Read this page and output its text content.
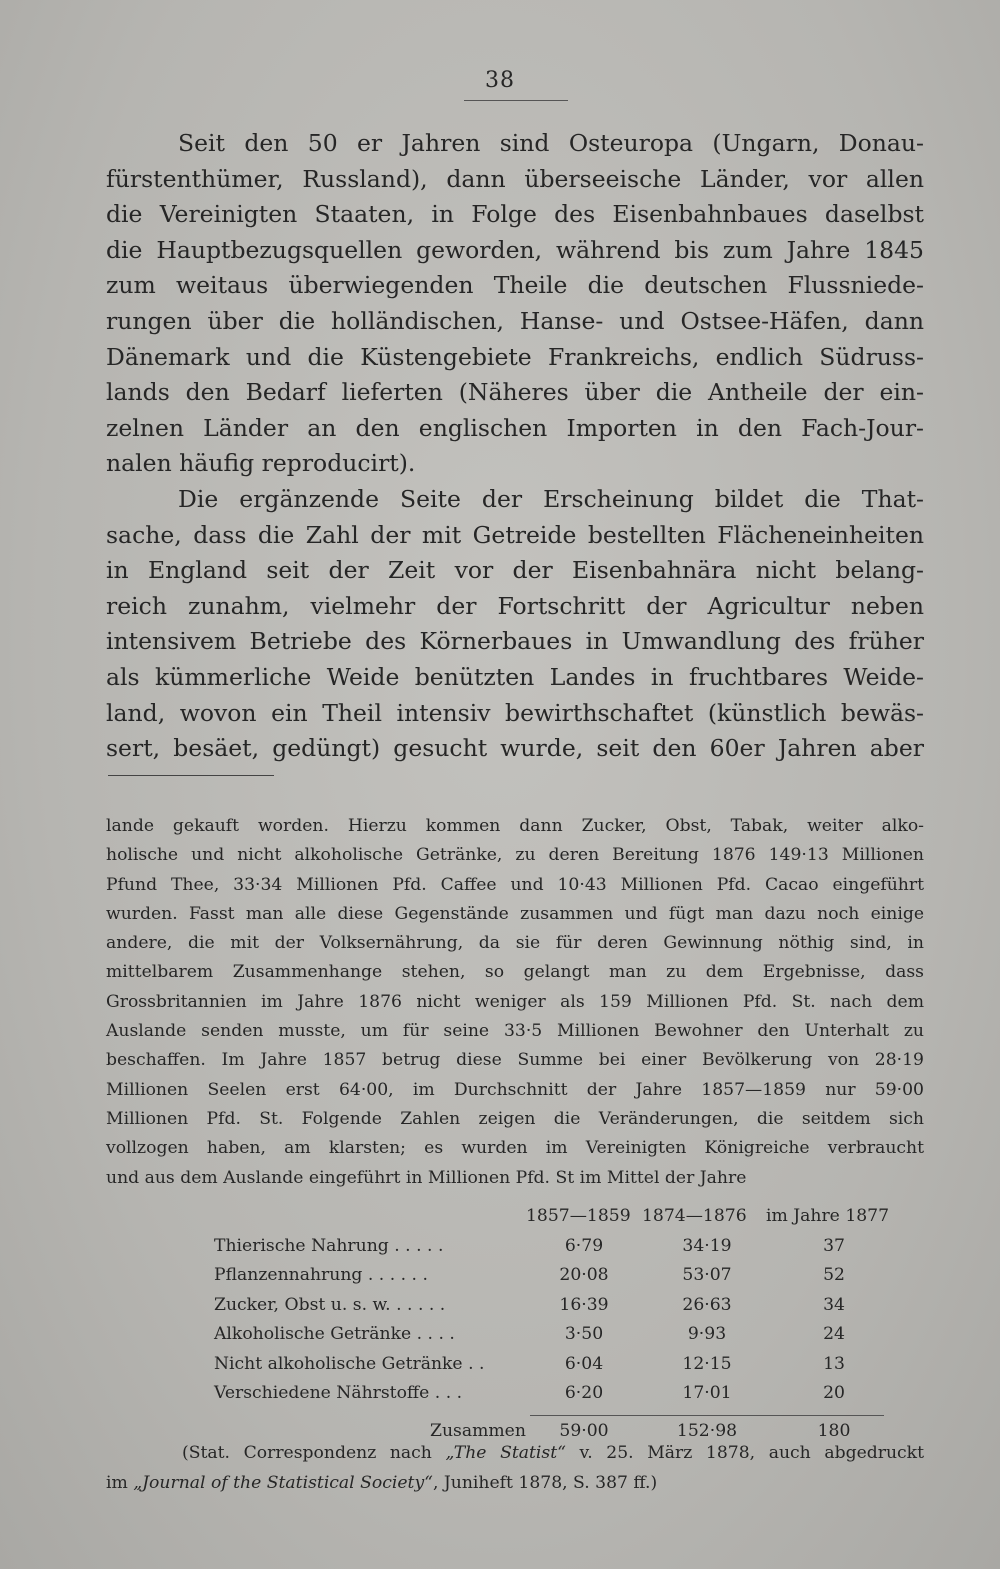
38
Seit den 50 er Jahren sind Osteuropa (Ungarn, Donau-
fürstenthümer, Russland), dann überseeische Länder, vor allen
die Vereinigten Staaten, in Folge des Eisenbahnbaues daselbst
die Hauptbezugsquellen geworden, während bis zum Jahre 1845
zum weitaus überwiegenden Theile die deutschen Flussniede-
rungen über die holländischen, Hanse- und Ostsee-Häfen, dann
Dänemark und die Küstengebiete Frankreichs, endlich Südruss-
lands den Bedarf lieferten (Näheres über die Antheile der ein-
zelnen Länder an den englischen Importen in den Fach-Jour-
nalen häufig reproducirt).
Die ergänzende Seite der Erscheinung bildet die That-
sache, dass die Zahl der mit Getreide bestellten Flächeneinheiten
in England seit der Zeit vor der Eisenbahnära nicht belang-
reich zunahm, vielmehr der Fortschritt der Agricultur neben
intensivem Betriebe des Körnerbaues in Umwandlung des früher
als kümmerliche Weide benützten Landes in fruchtbares Weide-
land, wovon ein Theil intensiv bewirthschaftet (künstlich bewäs-
sert, besäet, gedüngt) gesucht wurde, seit den 60er Jahren aber
lande gekauft worden. Hierzu kommen dann Zucker, Obst, Tabak, weiter alko-
holische und nicht alkoholische Getränke, zu deren Bereitung 1876 149·13 Millionen
Pfund Thee, 33·34 Millionen Pfd. Caffee und 10·43 Millionen Pfd. Cacao eingeführt
wurden. Fasst man alle diese Gegenstände zusammen und fügt man dazu noch einige
andere, die mit der Volksernährung, da sie für deren Gewinnung nöthig sind, in
mittelbarem Zusammenhange stehen, so gelangt man zu dem Ergebnisse, dass
Grossbritannien im Jahre 1876 nicht weniger als 159 Millionen Pfd. St. nach dem
Auslande senden musste, um für seine 33·5 Millionen Bewohner den Unterhalt zu
beschaffen. Im Jahre 1857 betrug diese Summe bei einer Bevölkerung von 28·19
Millionen Seelen erst 64·00, im Durchschnitt der Jahre 1857—1859 nur 59·00
Millionen Pfd. St. Folgende Zahlen zeigen die Veränderungen, die seitdem sich
vollzogen haben, am klarsten; es wurden im Vereinigten Königreiche verbraucht
und aus dem Auslande eingeführt in Millionen Pfd. St im Mittel der Jahre
1857—1859 1874—1876	im Jahre 1877
Thierische Nahrung . . . . .	6·79	34·19	37
Pflanzennahrung . . . . . .	20·08	53·07	52
Zucker, Obst u. s. w. . . . . .	16·39	26·63	34
Alkoholische Getränke . . . .	3·50	9·93	24
Nicht alkoholische Getränke . .	6·04	12·15	13
Verschiedene Nährstoffe . . .	6·20	17·01	20
Zusammen	59·00	152·98	180
(Stat. Correspondenz nach „The Statist“ v. 25. März 1878, auch abgedruckt
im „Journal of the Statistical Society“, Juniheft 1878, S. 387 ff.)
